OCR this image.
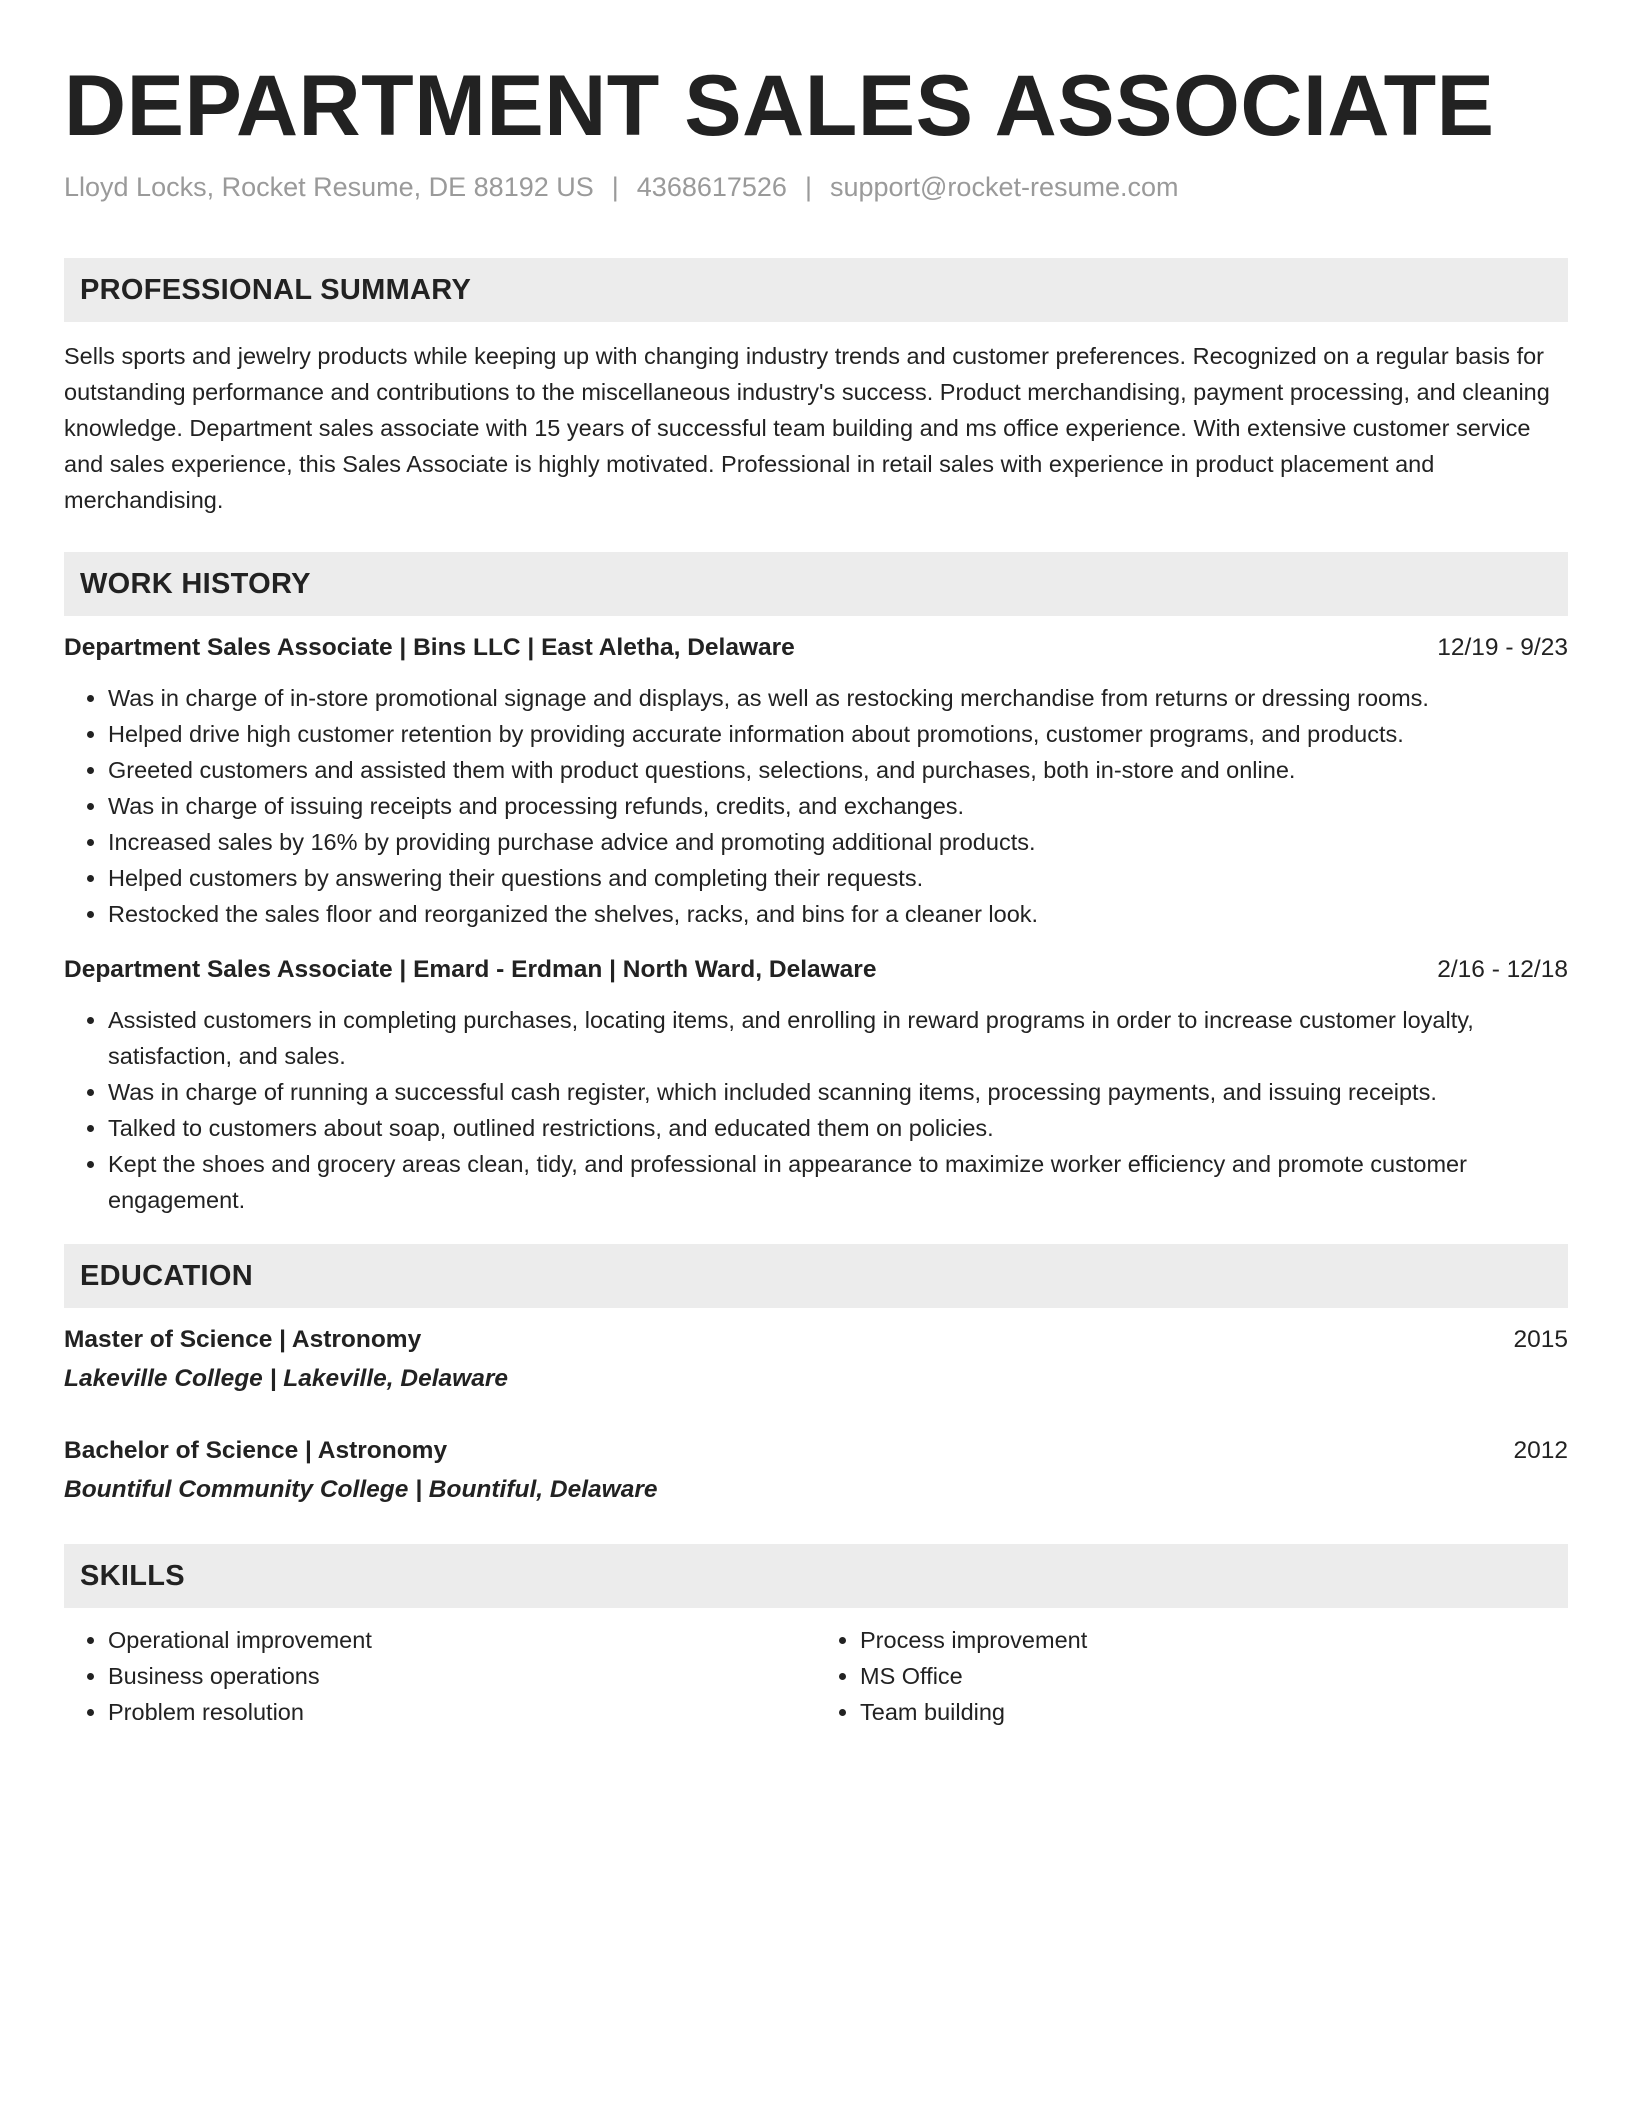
DEPARTMENT SALES ASSOCIATE
Lloyd Locks, Rocket Resume, DE 88192 US | 4368617526 | support@rocket-resume.com
PROFESSIONAL SUMMARY
Sells sports and jewelry products while keeping up with changing industry trends and customer preferences. Recognized on a regular basis for outstanding performance and contributions to the miscellaneous industry's success. Product merchandising, payment processing, and cleaning knowledge. Department sales associate with 15 years of successful team building and ms office experience. With extensive customer service and sales experience, this Sales Associate is highly motivated. Professional in retail sales with experience in product placement and merchandising.
WORK HISTORY
Department Sales Associate | Bins LLC | East Aletha, Delaware	12/19 - 9/23
• Was in charge of in-store promotional signage and displays, as well as restocking merchandise from returns or dressing rooms.
• Helped drive high customer retention by providing accurate information about promotions, customer programs, and products.
• Greeted customers and assisted them with product questions, selections, and purchases, both in-store and online.
• Was in charge of issuing receipts and processing refunds, credits, and exchanges.
• Increased sales by 16% by providing purchase advice and promoting additional products.
• Helped customers by answering their questions and completing their requests.
• Restocked the sales floor and reorganized the shelves, racks, and bins for a cleaner look.
Department Sales Associate | Emard - Erdman | North Ward, Delaware	2/16 - 12/18
• Assisted customers in completing purchases, locating items, and enrolling in reward programs in order to increase customer loyalty, satisfaction, and sales.
• Was in charge of running a successful cash register, which included scanning items, processing payments, and issuing receipts.
• Talked to customers about soap, outlined restrictions, and educated them on policies.
• Kept the shoes and grocery areas clean, tidy, and professional in appearance to maximize worker efficiency and promote customer engagement.
EDUCATION
Master of Science | Astronomy	2015
Lakeville College | Lakeville, Delaware
Bachelor of Science | Astronomy	2012
Bountiful Community College | Bountiful, Delaware
SKILLS
• Operational improvement
• Business operations
• Problem resolution
• Process improvement
• MS Office
• Team building
